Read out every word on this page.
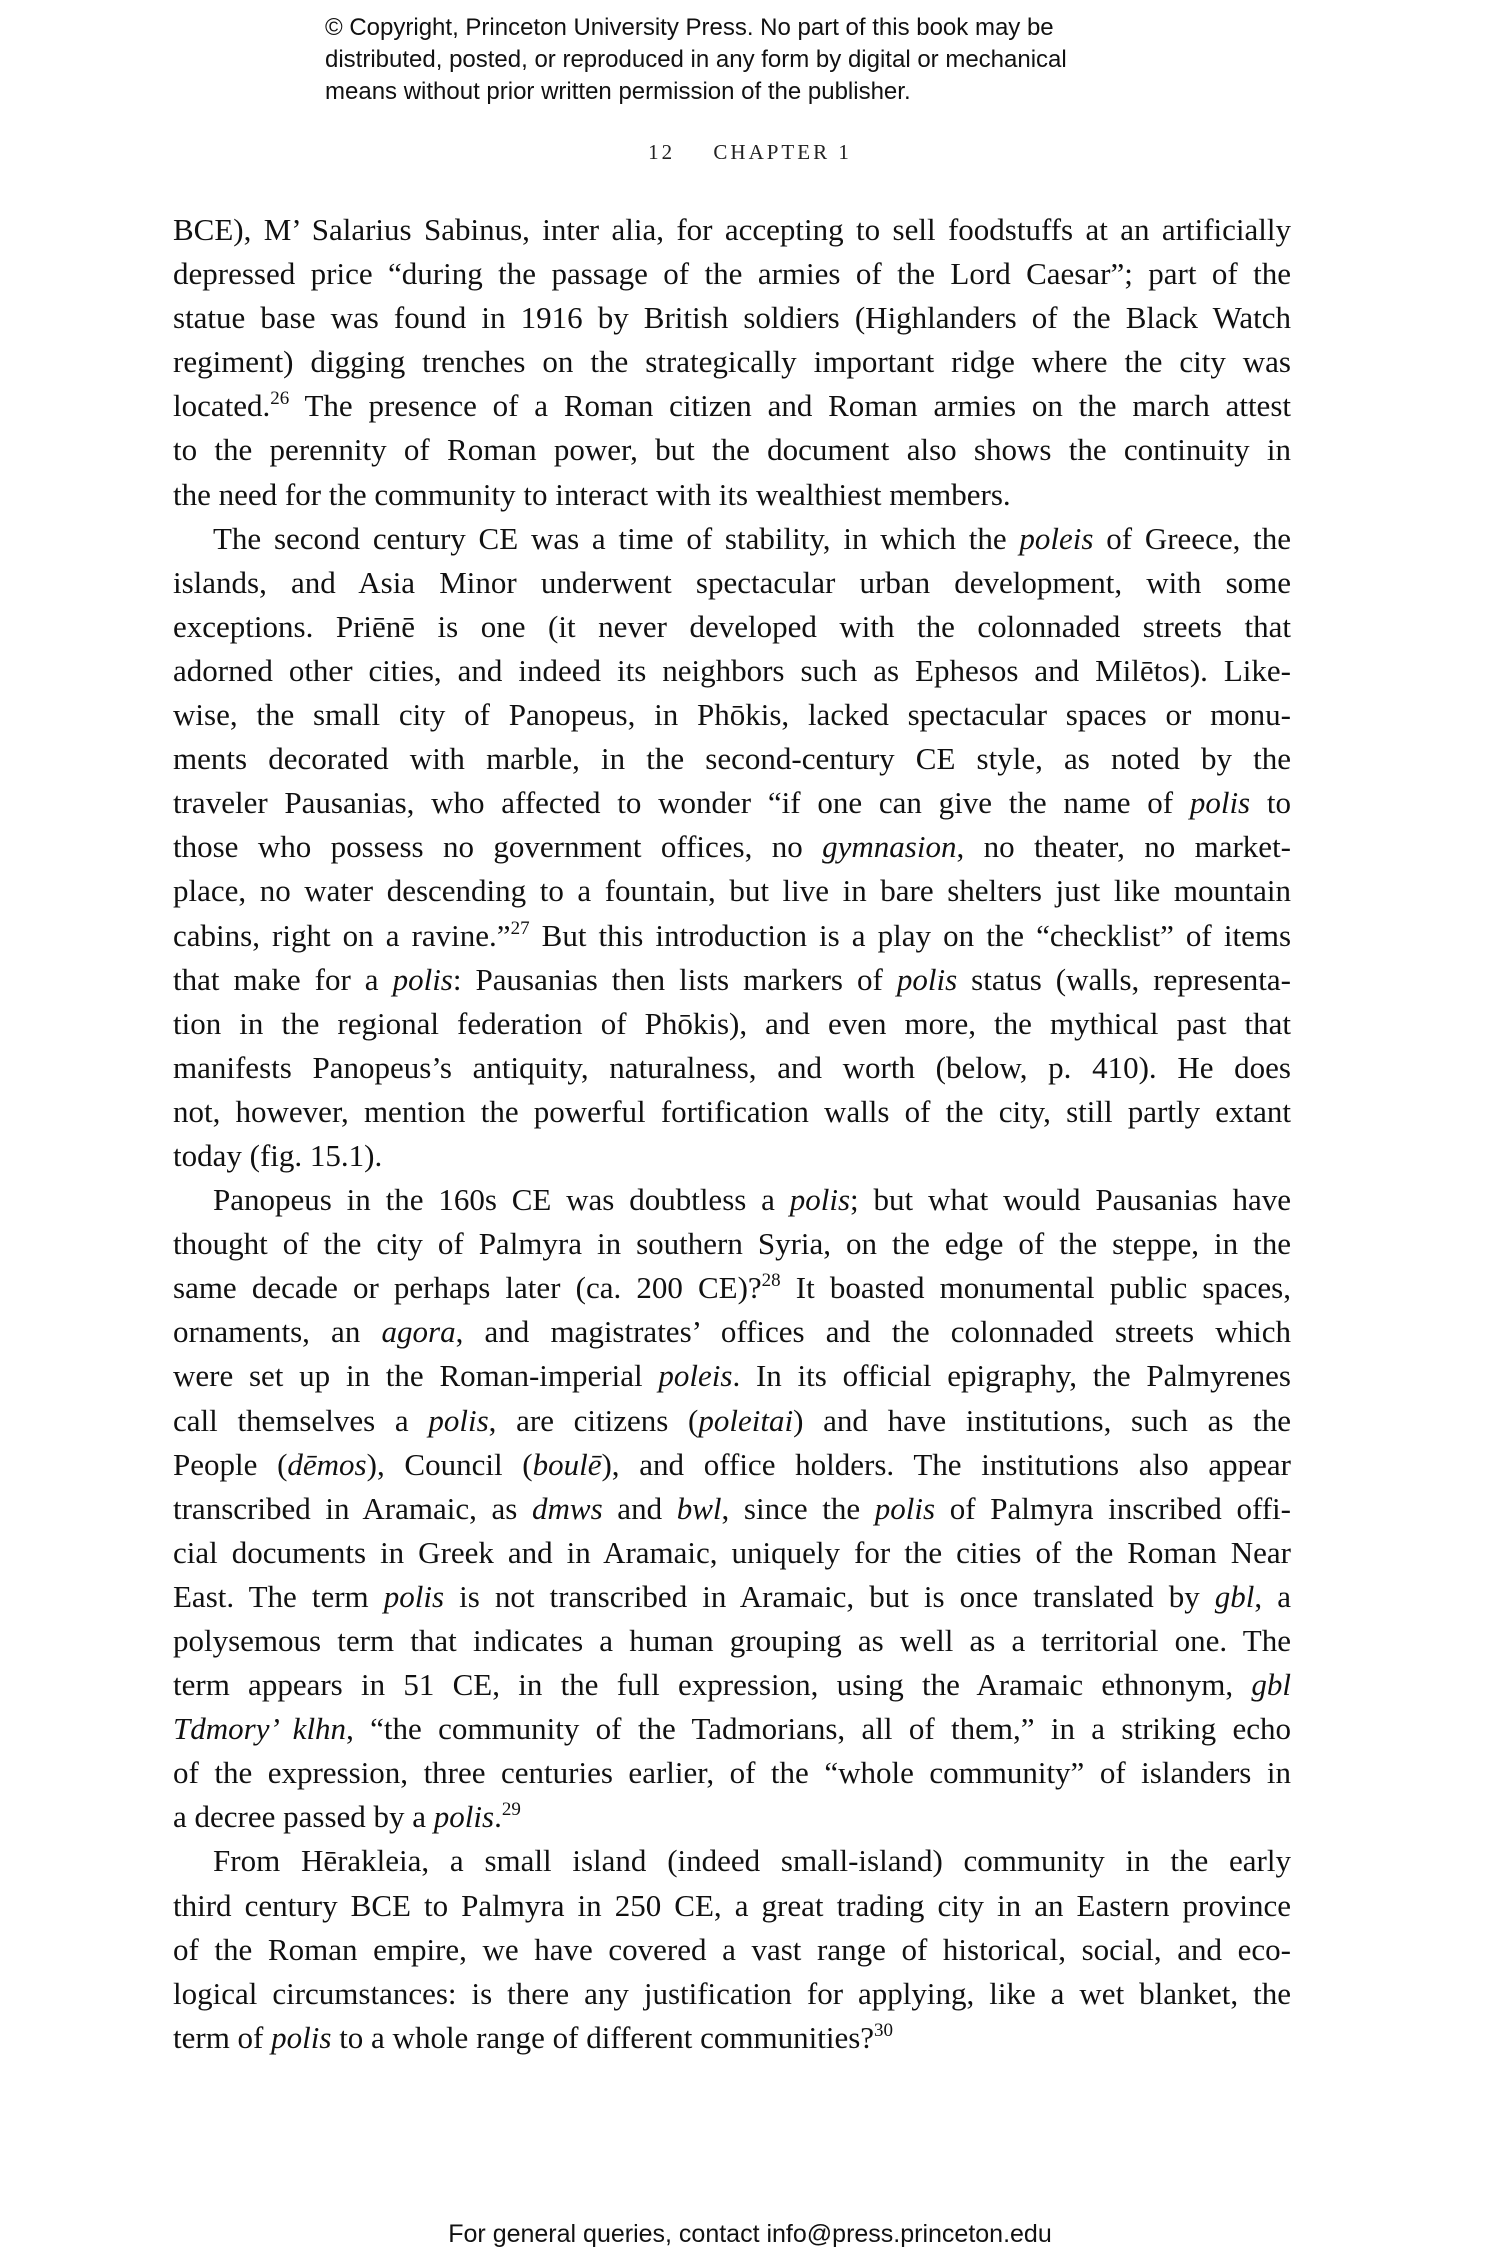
© Copyright, Princeton University Press. No part of this book may be
distributed, posted, or reproduced in any form by digital or mechanical
means without prior written permission of the publisher.
12 CHAPTER 1

BCE), M’ Salarius Sabinus, inter alia, for accepting to sell foodstuffs at an artificially
depressed price “during the passage of the armies of the Lord Caesar”; part of the
statue base was found in 1916 by British soldiers (Highlanders of the Black Watch
regiment) digging trenches on the strategically important ridge where the city was
located.$^{26}$ The presence of a Roman citizen and Roman armies on the march attest
to the perennity of Roman power, but the document also shows the continuity in
the need for the community to interact with its wealthiest members.

The second century CE was a time of stability, in which the poleis of Greece, the
islands, and Asia Minor underwent spectacular urban development, with some
exceptions. Priēnē is one (it never developed with the colonnaded streets that
adorned other cities, and indeed its neighbors such as Ephesos and Milētos). Like-
wise, the small city of Panopeus, in Phōkis, lacked spectacular spaces or monu-
ments decorated with marble, in the second-century CE style, as noted by the
traveler Pausanias, who affected to wonder “if one can give the name of polis to
those who possess no government offices, no gymnasion, no theater, no market-
place, no water descending to a fountain, but live in bare shelters just like mountain
cabins, right on a ravine.”$^{27}$ But this introduction is a play on the “checklist” of items
that make for a polis: Pausanias then lists markers of polis status (walls, representa-
tion in the regional federation of Phōkis), and even more, the mythical past that
manifests Panopeus’s antiquity, naturalness, and worth (below, p. 410). He does
not, however, mention the powerful fortification walls of the city, still partly extant
today (fig. 15.1).

Panopeus in the 160s CE was doubtless a polis; but what would Pausanias have
thought of the city of Palmyra in southern Syria, on the edge of the steppe, in the
same decade or perhaps later (ca. 200 CE)?$^{28}$ It boasted monumental public spaces,
ornaments, an agora, and magistrates’ offices and the colonnaded streets which
were set up in the Roman-imperial poleis. In its official epigraphy, the Palmyrenes
call themselves a polis, are citizens (poleitai) and have institutions, such as the
People (dēmos), Council (boulē), and office holders. The institutions also appear
transcribed in Aramaic, as dmws and bwl, since the polis of Palmyra inscribed offi-
cial documents in Greek and in Aramaic, uniquely for the cities of the Roman Near
East. The term polis is not transcribed in Aramaic, but is once translated by gbl, a
polysemous term that indicates a human grouping as well as a territorial one. The
term appears in 51 CE, in the full expression, using the Aramaic ethnonym, gbl
Tdmory’ klhn, “the community of the Tadmorians, all of them,” in a striking echo
of the expression, three centuries earlier, of the “whole community” of islanders in
a decree passed by a polis.$^{29}$

From Hērakleia, a small island (indeed small-island) community in the early
third century BCE to Palmyra in 250 CE, a great trading city in an Eastern province
of the Roman empire, we have covered a vast range of historical, social, and eco-
logical circumstances: is there any justification for applying, like a wet blanket, the
term of polis to a whole range of different communities?$^{30}$

For general queries, contact info@press.princeton.edu
